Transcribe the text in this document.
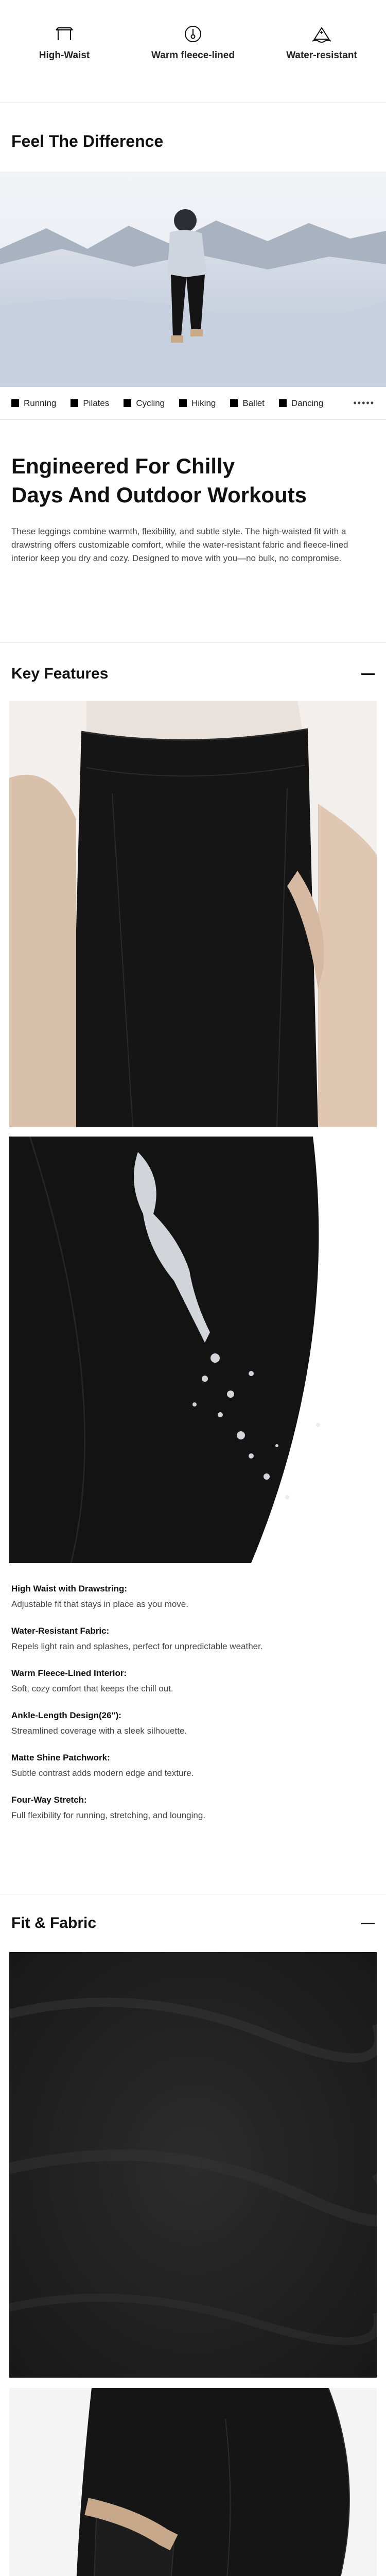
High-Waist	Warm fleece-lined	Water-resistant
Feel The Difference
Running	Pilates	Cycling	Hiking	Ballet	Dancing	•••••
Engineered For Chilly
Days And Outdoor Workouts

These leggings combine warmth, flexibility, and subtle style. The high-waisted fit with a drawstring offers customizable comfort, while the water-resistant fabric and fleece-lined interior keep you dry and cozy. Designed to move with you—no bulk, no compromise.

Key Features
High Waist with Drawstring:
Adjustable fit that stays in place as you move.
Water-Resistant Fabric:
Repels light rain and splashes, perfect for unpredictable weather.
Warm Fleece-Lined Interior:
Soft, cozy comfort that keeps the chill out.
Ankle-Length Design(26"):
Streamlined coverage with a sleek silhouette.
Matte Shine Patchwork:
Subtle contrast adds modern edge and texture.
Four-Way Stretch:
Full flexibility for running, stretching, and lounging.
Fit & Fabric
